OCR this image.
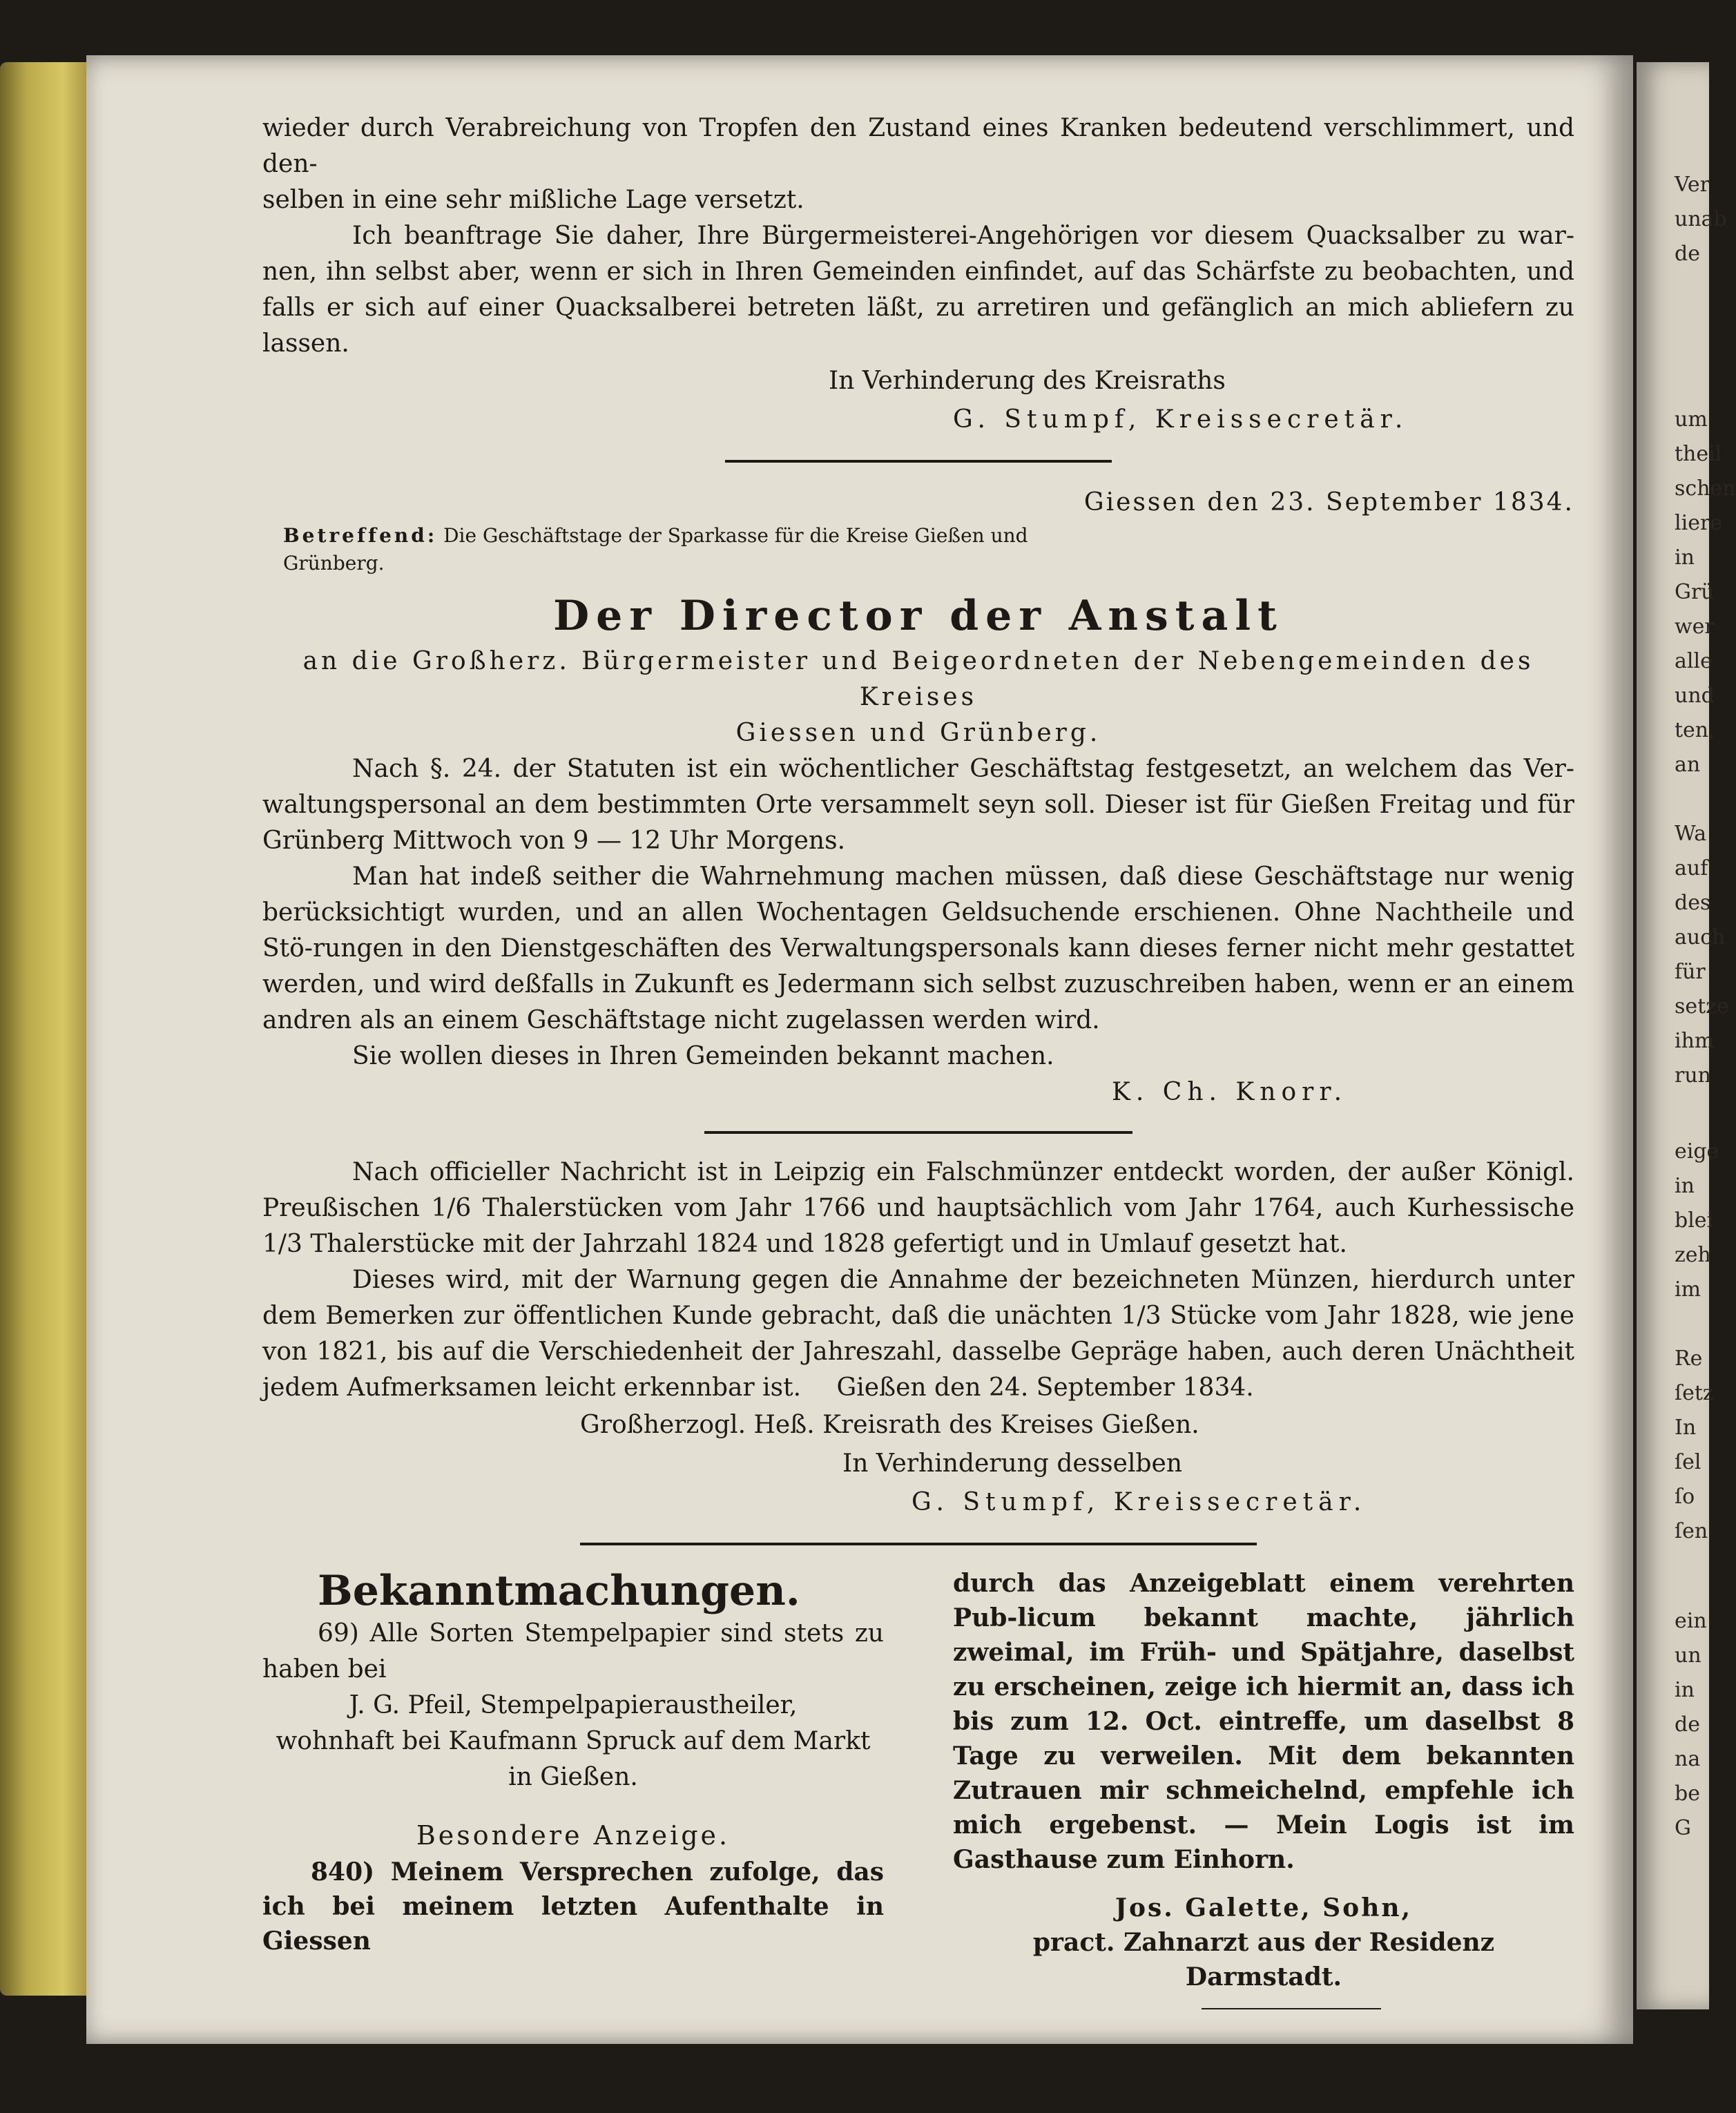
Ver
unab
de
um
theil
schen
liere
in
Grü
wer
alle
und
ten,
an
Wa
auf
des
auch
für
setze
ihm
run
eige
in
blei
zeh
im
Re
ſetz
In
ſel
ſo
ſen
ein
un
in
de
na
be
G

wieder durch Verabreichung von Tropfen den Zustand eines Kranken bedeutend verschlimmert, und den-

selben in eine sehr mißliche Lage versetzt.

Ich beanftrage Sie daher, Ihre Bürgermeisterei-Angehörigen vor diesem Quacksalber zu war-nen, ihn selbst aber, wenn er sich in Ihren Gemeinden einfindet, auf das Schärfste zu beobachten, und falls er sich auf einer Quacksalberei betreten läßt, zu arretiren und gefänglich an mich abliefern zu lassen.

In Verhinderung des Kreisraths

G. Stumpf, Kreissecretär.

Giessen den 23. September 1834.

Betreffend: Die Geschäftstage der Sparkasse für die Kreise Gießen und Grünberg.

Der Director der Anstalt

an die Großherz. Bürgermeister und Beigeordneten der Nebengemeinden des Kreises

Giessen und Grünberg.

Nach §. 24. der Statuten ist ein wöchentlicher Geschäftstag festgesetzt, an welchem das Ver-waltungspersonal an dem bestimmten Orte versammelt seyn soll. Dieser ist für Gießen Freitag und für Grünberg Mittwoch von 9 — 12 Uhr Morgens.

Man hat indeß seither die Wahrnehmung machen müssen, daß diese Geschäftstage nur wenig berücksichtigt wurden, und an allen Wochentagen Geldsuchende erschienen. Ohne Nachtheile und Stö-rungen in den Dienstgeschäften des Verwaltungspersonals kann dieses ferner nicht mehr gestattet werden, und wird deßfalls in Zukunft es Jedermann sich selbst zuzuschreiben haben, wenn er an einem andren als an einem Geschäftstage nicht zugelassen werden wird.

Sie wollen dieses in Ihren Gemeinden bekannt machen.

K. Ch. Knorr.

Nach officieller Nachricht ist in Leipzig ein Falschmünzer entdeckt worden, der außer Königl. Preußischen 1/6 Thalerstücken vom Jahr 1766 und hauptsächlich vom Jahr 1764, auch Kurhessische 1/3 Thalerstücke mit der Jahrzahl 1824 und 1828 gefertigt und in Umlauf gesetzt hat.

Dieses wird, mit der Warnung gegen die Annahme der bezeichneten Münzen, hierdurch unter dem Bemerken zur öffentlichen Kunde gebracht, daß die unächten 1/3 Stücke vom Jahr 1828, wie jene von 1821, bis auf die Verschiedenheit der Jahreszahl, dasselbe Gepräge haben, auch deren Unächtheit jedem Aufmerksamen leicht erkennbar ist. Gießen den 24. September 1834.

Großherzogl. Heß. Kreisrath des Kreises Gießen.

In Verhinderung desselben

G. Stumpf, Kreissecretär.

Bekanntmachungen.

69) Alle Sorten Stempelpapier sind stets zu haben bei

J. G. Pfeil, Stempelpapierausthеiler,

wohnhaft bei Kaufmann Spruck auf dem Markt in Gießen.

Besondere Anzeige.

840) Meinem Versprechen zufolge, das ich bei meinem letzten Aufenthalte in Giessen

durch das Anzeigeblatt einem verehrten Pub-licum bekannt machte, jährlich zweimal, im Früh- und Spätjahre, daselbst zu erscheinen, zeige ich hiermit an, dass ich bis zum 12. Oct. eintreffe, um daselbst 8 Tage zu verweilen. Mit dem bekannten Zutrauen mir schmeichelnd, empfehle ich mich ergebenst. — Mein Logis ist im Gasthause zum Einhorn.

Jos. Galette, Sohn,

pract. Zahnarzt aus der Residenz Darmstadt.
